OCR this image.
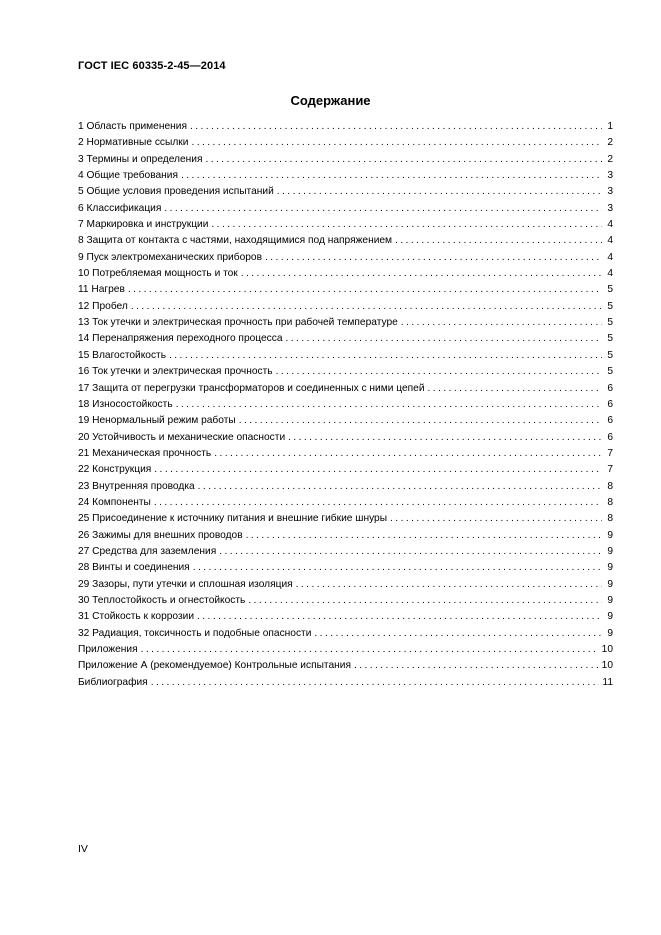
ГОСТ IEC 60335-2-45—2014
Содержание
1 Область применения . . .	1
2 Нормативные ссылки . . .	2
3 Термины и определения . . .	2
4 Общие требования . . .	3
5 Общие условия проведения испытаний . . .	3
6 Классификация . . .	3
7 Маркировка и инструкции . . .	4
8 Защита от контакта с частями, находящимися под напряжением . . .	4
9 Пуск электромеханических приборов . . .	4
10 Потребляемая мощность и ток . . .	4
11 Нагрев . . .	5
12 Пробел . . .	5
13 Ток утечки и электрическая прочность при рабочей температуре . . .	5
14 Перенапряжения переходного процесса . . .	5
15 Влагостойкость . . .	5
16 Ток утечки и электрическая прочность . . .	5
17 Защита от перегрузки трансформаторов и соединенных с ними цепей . . .	6
18 Износостойкость . . .	6
19 Ненормальный режим работы . . .	6
20 Устойчивость и механические опасности . . .	6
21 Механическая прочность . . .	7
22 Конструкция . . .	7
23 Внутренняя проводка . . .	8
24 Компоненты . . .	8
25 Присоединение к источнику питания и внешние гибкие шнуры . . .	8
26 Зажимы для внешних проводов . . .	9
27 Средства для заземления . . .	9
28 Винты и соединения . . .	9
29 Зазоры, пути утечки и сплошная изоляция . . .	9
30 Теплостойкость и огнестойкость . . .	9
31 Стойкость к коррозии . . .	9
32 Радиация, токсичность и подобные опасности . . .	9
Приложения . . .	10
Приложение А (рекомендуемое) Контрольные испытания . . .	10
Библиография . . .	11
IV
